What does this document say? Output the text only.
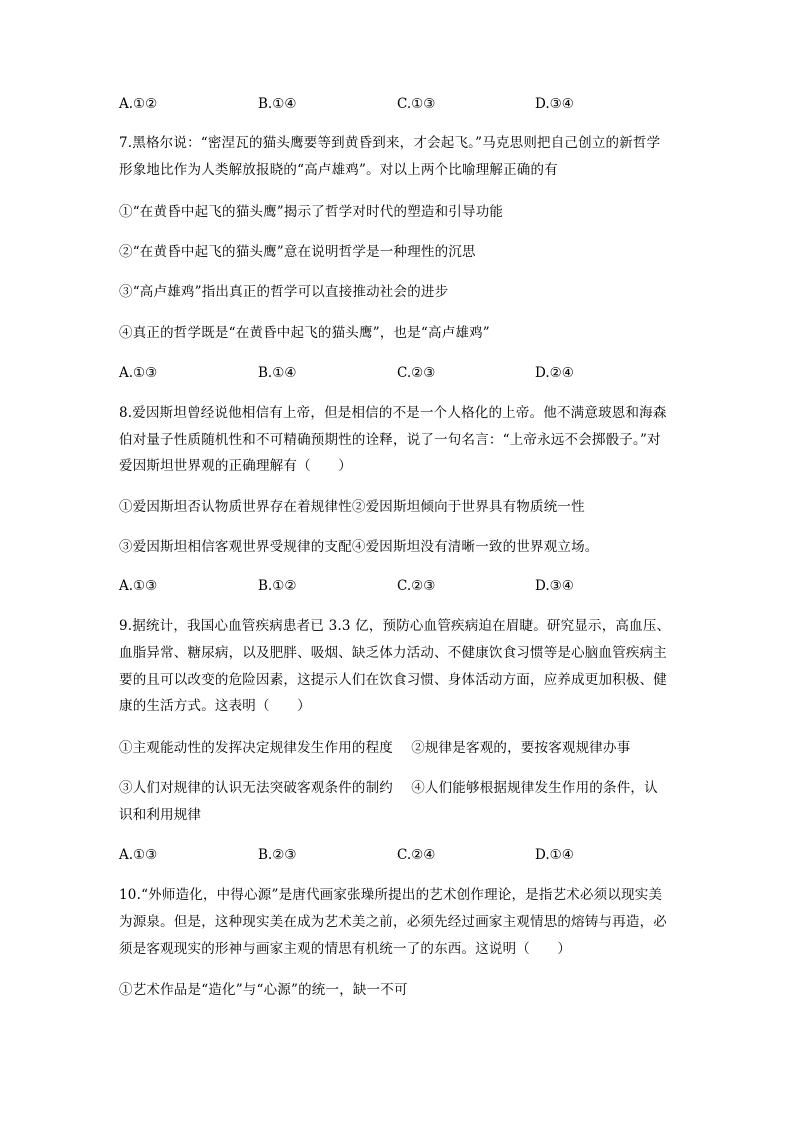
A.①②	B.①④	C.①③	D.③④
7.黑格尔说：“密涅瓦的猫头鹰要等到黄昏到来，才会起飞。”马克思则把自己创立的新哲学
形象地比作为人类解放报晓的“高卢雄鸡”。对以上两个比喻理解正确的有
①“在黄昏中起飞的猫头鹰”揭示了哲学对时代的塑造和引导功能
②“在黄昏中起飞的猫头鹰”意在说明哲学是一种理性的沉思
③“高卢雄鸡”指出真正的哲学可以直接推动社会的进步
④真正的哲学既是“在黄昏中起飞的猫头鹰”，也是“高卢雄鸡”
A.①③	B.①④	C.②③	D.②④
8.爱因斯坦曾经说他相信有上帝，但是相信的不是一个人格化的上帝。他不满意玻恩和海森
伯对量子性质随机性和不可精确预期性的诠释，说了一句名言：“上帝永远不会掷骰子。”对
爱因斯坦世界观的正确理解有（　　）
①爱因斯坦否认物质世界存在着规律性②爱因斯坦倾向于世界具有物质统一性
③爱因斯坦相信客观世界受规律的支配④爱因斯坦没有清晰一致的世界观立场。
A.①③	B.①②	C.②③	D.③④
9.据统计，我国心血管疾病患者已 3.3 亿，预防心血管疾病迫在眉睫。研究显示，高血压、
血脂异常、糖尿病，以及肥胖、吸烟、缺乏体力活动、不健康饮食习惯等是心脑血管疾病主
要的且可以改变的危险因素，这提示人们在饮食习惯、身体活动方面，应养成更加积极、健
康的生活方式。这表明（　　）
①主观能动性的发挥决定规律发生作用的程度　 ②规律是客观的，要按客观规律办事
③人们对规律的认识无法突破客观条件的制约　 ④人们能够根据规律发生作用的条件，认
识和利用规律
A.①③	B.②③	C.②④	D.①④
10.“外师造化，中得心源”是唐代画家张璪所提出的艺术创作理论，是指艺术必须以现实美
为源泉。但是，这种现实美在成为艺术美之前，必须先经过画家主观情思的熔铸与再造，必
须是客观现实的形神与画家主观的情思有机统一了的东西。这说明（　　）
①艺术作品是“造化”与“心源”的统一，缺一不可
